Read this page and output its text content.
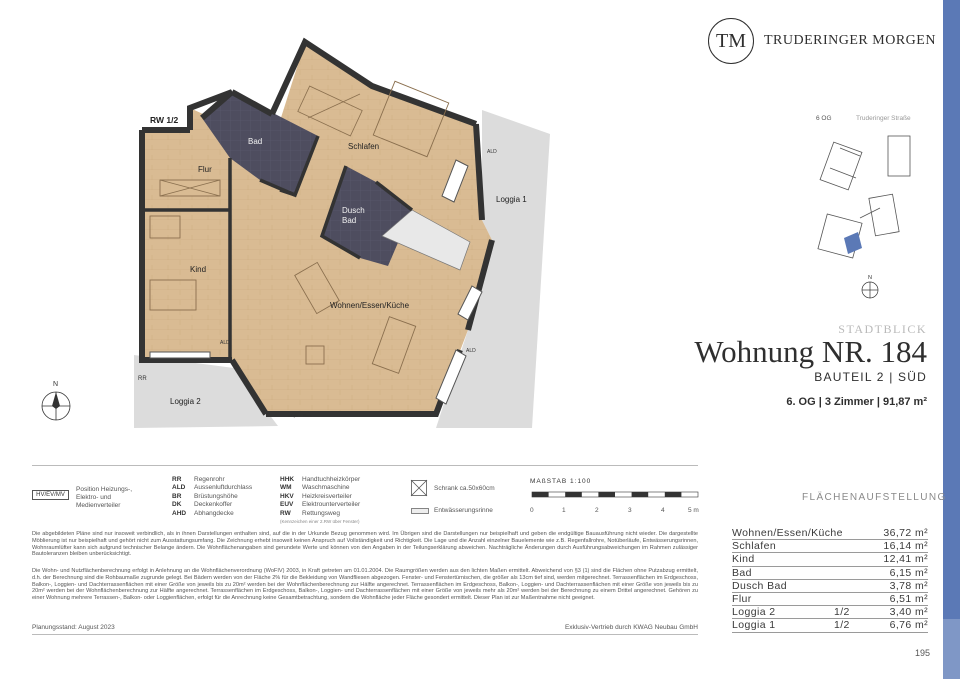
TM	TRUDERINGER MORGEN
RW 1/2
Bad
Schlafen
Flur
Dusch
Bad
Kind
Wohnen/Essen/Küche
Loggia 1
Loggia 2
ALD
ALD
ALD
RR
BF | b. ~ 75cm
N
6 OG	Truderinger Straße
N
STADTBLICK
Wohnung NR. 184
BAUTEIL 2 | SÜD
6. OG | 3 Zimmer | 91,87 m²
FLÄCHENAUFSTELLUNG
Wohnen/Essen/Küche	36,72 m²
Schlafen	16,14 m²
Kind	12,41 m²
Bad	6,15 m²
Dusch Bad	3,78 m²
Flur	6,51 m²
Loggia 2	1/2	3,40 m²
Loggia 1	1/2	6,76 m²
195
HV/EV/MV
Position Heizungs-, Elektro- und Medienverteiler
RR Regenrohr
ALD Aussenluftdurchlass
BR Brüstungshöhe
DK Deckenkoffer
AHD Abhangdecke
HHK Handtuchheizkörper
WM Waschmaschine
HKV Heizkreisverteiler
EUV Elektrounterverteiler
RW Rettungsweg
(Kennzeichen einer 2.RW über Fenster)
Schrank ca.50x60cm
Entwässerungsrinne
MAßSTAB 1:100
0	1	2	3	4	5 m
Die abgebildeten Pläne sind nur insoweit verbindlich, als in ihnen Darstellungen enthalten sind, auf die in der Urkunde Bezug genommen wird. Im Übrigen sind die Darstellungen nur beispielhaft und geben die endgültige Bauausführung nicht wieder. Die dargestellte Möblierung ist nur beispielhaft und gehört nicht zum Ausstattungsumfang. Die Zeichnung erhebt insoweit keinen Anspruch auf Vollständigkeit und Richtigkeit. Die Lage und die Anzahl einzelner Bauelemente wie z.B. Regenfallrohre, Notüberläufe, Entwässerungsrinnen, Wohnraumlüfter kann sich aufgrund technischer Belange ändern. Die Wohnflächenangaben sind gerundete Werte und können von den Angaben in der Teilungserklärung abweichen. Nachträgliche Änderungen durch Ausführungsabweichungen im Rahmen zulässiger Bautoleranzen bleiben unberücksichtigt.
Die Wohn- und Nutzflächenberechnung erfolgt in Anlehnung an die Wohnflächenverordnung (WoFIV) 2003, in Kraft getreten am 01.01.2004. Die Raumgrößen werden aus den lichten Maßen ermittelt. Abweichend von §3 (1) sind die Flächen ohne Putzabzug ermittelt, d.h. der Berechnung sind die Rohbaumaße zugrunde gelegt. Bei Bädern werden von der Fläche 2% für die Bekleidung von Wandfliesen abgezogen. Fenster- und Fenstertürnischen, die größer als 13cm tief sind, werden mitgerechnet. Terrassenflächen im Erdgeschoss, Balkon-, Loggien- und Dachterrassenflächen mit einer Größe von jeweils bis zu 20m² werden bei der Wohnflächenberechnung zur Hälfte angerechnet. Terrassenflächen im Erdgeschoss, Balkon-, Loggien- und Dachterrassenflächen mit einer Größe von jeweils bis zu 20m² werden bei der Wohnflächenberechnung zur Hälfte angerechnet. Terrassenflächen im Erdgeschoss, Balkon-, Loggien- und Dachterrassenflächen mit einer Größe von jeweils mehr als 20m² werden bei der Berechnung zu einem Drittel angerechnet. Gehören zu einer Wohnung mehrere Terrassen-, Balkon- oder Loggienflächen, erfolgt für die Anrechnung keine Gesamtbetrachtung, sondern die Wohnfläche jeder Fläche gesondert ermittelt. Dieser Plan ist zur Maßentnahme nicht geeignet.
Planungsstand: August 2023	Exklusiv-Vertrieb durch KWAG Neubau GmbH
